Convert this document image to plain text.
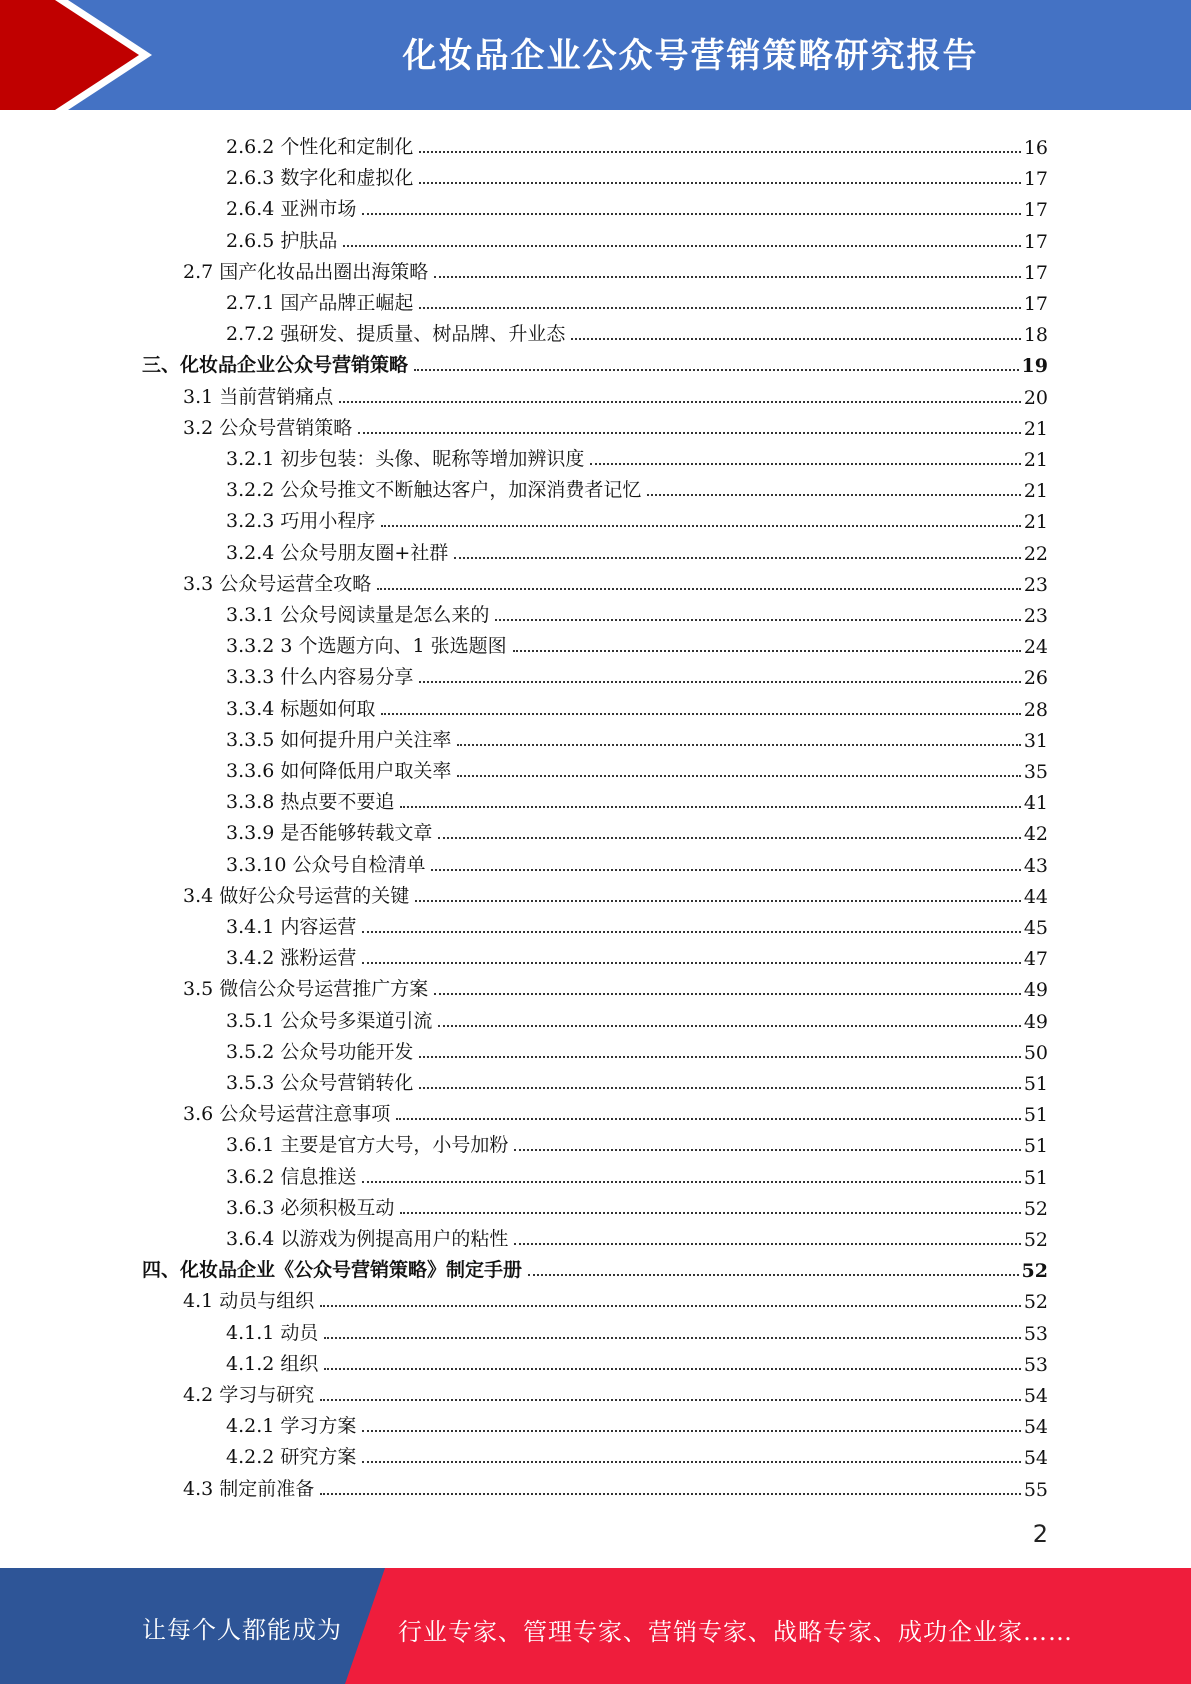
化妆品企业公众号营销策略研究报告
2.6.2 个性化和定制化	16
2.6.3 数字化和虚拟化	17
2.6.4 亚洲市场	17
2.6.5 护肤品	17
2.7 国产化妆品出圈出海策略	17
2.7.1 国产品牌正崛起	17
2.7.2 强研发、提质量、树品牌、升业态	18
三、化妆品企业公众号营销策略	19
3.1 当前营销痛点	20
3.2 公众号营销策略	21
3.2.1 初步包装：头像、昵称等增加辨识度	21
3.2.2 公众号推文不断触达客户，加深消费者记忆	21
3.2.3 巧用小程序	21
3.2.4 公众号朋友圈+社群	22
3.3 公众号运营全攻略	23
3.3.1 公众号阅读量是怎么来的	23
3.3.2 3 个选题方向、1 张选题图	24
3.3.3 什么内容易分享	26
3.3.4 标题如何取	28
3.3.5 如何提升用户关注率	31
3.3.6 如何降低用户取关率	35
3.3.8 热点要不要追	41
3.3.9 是否能够转载文章	42
3.3.10 公众号自检清单	43
3.4 做好公众号运营的关键	44
3.4.1 内容运营	45
3.4.2 涨粉运营	47
3.5 微信公众号运营推广方案	49
3.5.1 公众号多渠道引流	49
3.5.2 公众号功能开发	50
3.5.3 公众号营销转化	51
3.6 公众号运营注意事项	51
3.6.1 主要是官方大号，小号加粉	51
3.6.2 信息推送	51
3.6.3 必须积极互动	52
3.6.4 以游戏为例提高用户的粘性	52
四、化妆品企业《公众号营销策略》制定手册	52
4.1 动员与组织	52
4.1.1 动员	53
4.1.2 组织	53
4.2 学习与研究	54
4.2.1 学习方案	54
4.2.2 研究方案	54
4.3 制定前准备	55
2
让每个人都能成为 行业专家、管理专家、营销专家、战略专家、成功企业家……
